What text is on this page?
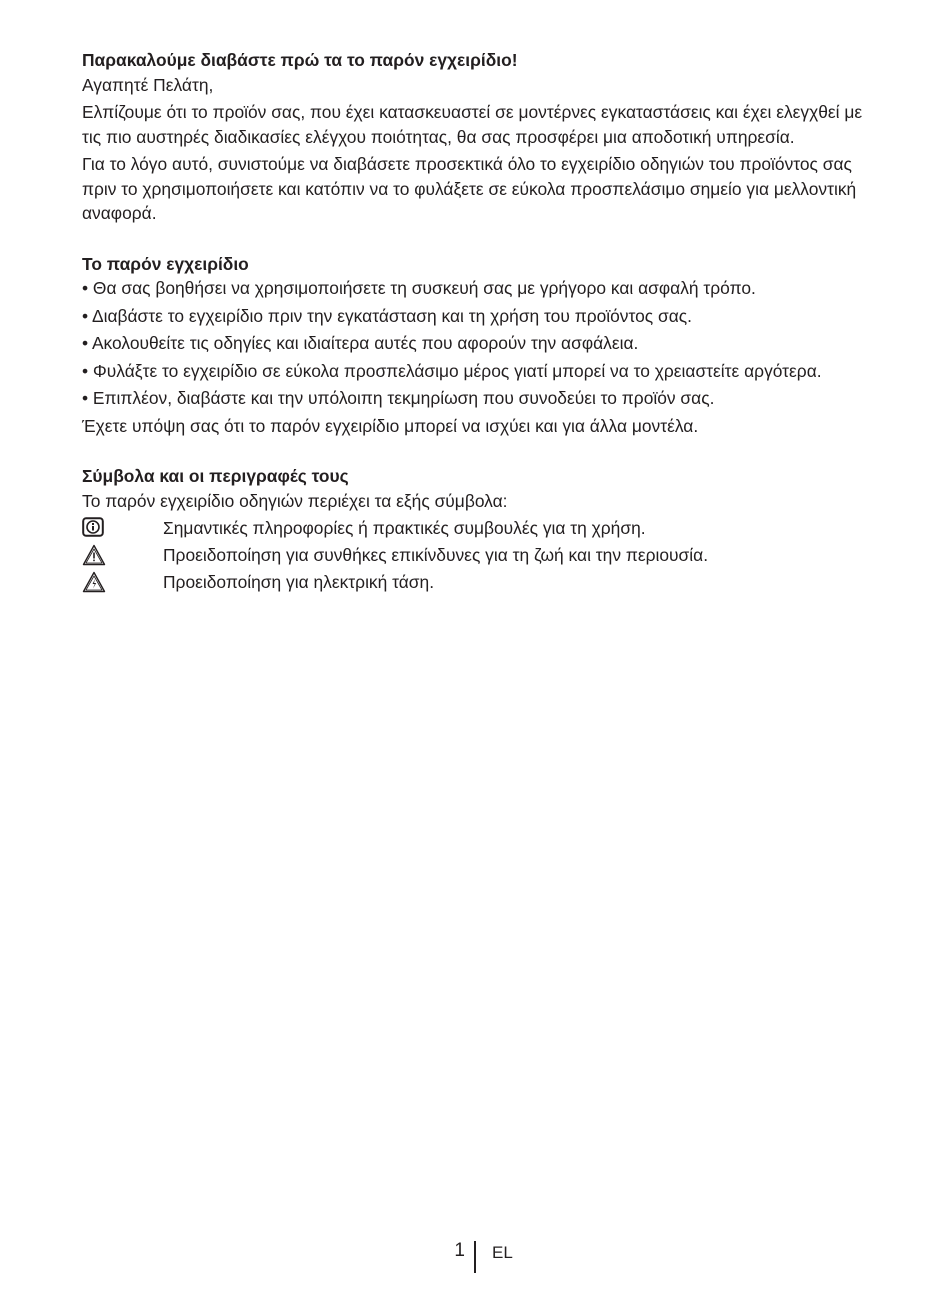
Παρακαλούμε διαβάστε πρώ τα το παρόν εγχειρίδιο!

Αγαπητέ Πελάτη,

Ελπίζουμε ότι το προϊόν σας, που έχει κατασκευαστεί σε μοντέρνες εγκαταστάσεις και έχει ελεγχθεί με τις πιο αυστηρές διαδικασίες ελέγχου ποιότητας, θα σας προσφέρει μια αποδοτική υπηρεσία.

Για το λόγο αυτό, συνιστούμε να διαβάσετε προσεκτικά όλο το εγχειρίδιο οδηγιών του προϊόντος σας πριν το χρησιμοποιήσετε και κατόπιν να το φυλάξετε σε εύκολα προσπελάσιμο σημείο για μελλοντική αναφορά.

Το παρόν εγχειρίδιο

• Θα σας βοηθήσει να χρησιμοποιήσετε τη συσκευή σας με γρήγορο και ασφαλή τρόπο.
• Διαβάστε το εγχειρίδιο πριν την εγκατάσταση και τη χρήση του προϊόντος σας.
• Ακολουθείτε τις οδηγίες και ιδιαίτερα αυτές που αφορούν την ασφάλεια.
• Φυλάξτε το εγχειρίδιο σε εύκολα προσπελάσιμο μέρος γιατί μπορεί να το χρειαστείτε αργότερα.
• Επιπλέον, διαβάστε και την υπόλοιπη τεκμηρίωση που συνοδεύει το προϊόν σας.

Έχετε υπόψη σας ότι το παρόν εγχειρίδιο μπορεί να ισχύει και για άλλα μοντέλα.

Σύμβολα και οι περιγραφές τους

Το παρόν εγχειρίδιο οδηγιών περιέχει τα εξής σύμβολα:

Σημαντικές πληροφορίες ή πρακτικές συμβουλές για τη χρήση.
Προειδοποίηση για συνθήκες επικίνδυνες για τη ζωή και την περιουσία.
Προειδοποίηση για ηλεκτρική τάση.
1 EL
